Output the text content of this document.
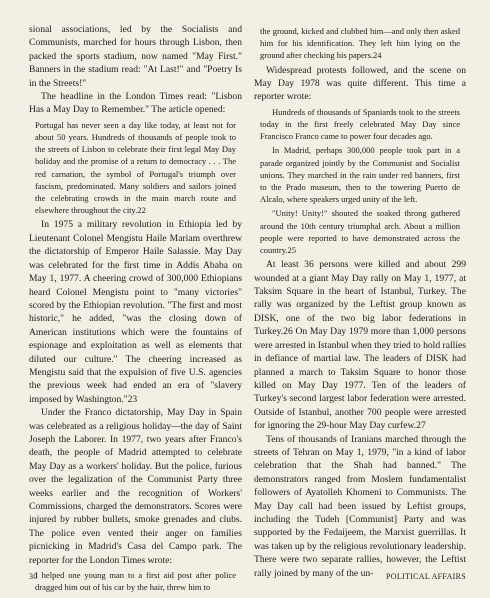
sional associations, led by the Socialists and Communists, marched for hours through Lisbon, then packed the sports stadium, now named "May First." Banners in the stadium read: "At Last!" and "Poetry Is in the Streets!"

The headline in the London Times read: "Lisbon Has a May Day to Remember." The article opened:

Portugal has never seen a day like today, at least not for about 50 years. Hundreds of thousands of people took to the streets of Lisbon to celebrate their first legal May Day holiday and the promise of a return to democracy . . . The red carnation, the symbol of Portugal's triumph over fascism, predominated. Many soldiers and sailors joined the celebrating crowds in the main march route and elsewhere throughout the city.22

In 1975 a military revolution in Ethiopia led by Lieutenant Colonel Mengistu Haile Mariam overthrew the dictatorship of Emperor Haile Salassie. May Day was celebrated for the first time in Addis Ababa on May 1, 1977. A cheering crowd of 300,000 Ethiopians heard Colonel Mengistu point to "many victories" scored by the Ethiopian revolution. "The first and most historic," he added, "was the closing down of American institutions which were the fountains of espionage and exploitation as well as elements that diluted our culture." The cheering increased as Mengistu said that the expulsion of five U.S. agencies the previous week had ended an era of "slavery imposed by Washington."23

Under the Franco dictatorship, May Day in Spain was celebrated as a religious holiday—the day of Saint Joseph the Laborer. In 1977, two years after Franco's death, the people of Madrid attempted to celebrate May Day as a workers' holiday. But the police, furious over the legalization of the Communist Party three weeks earlier and the recognition of Workers' Commissions, charged the demonstrators. Scores were injured by rubber bullets, smoke grenades and clubs. The police even vented their anger on families picnicking in Madrid's Casa del Campo park. The reporter for the London Times wrote:

I helped one young man to a first aid post after police dragged him out of his car by the hair, threw him to

the ground, kicked and clubbed him—and only then asked him for his identification. They left him lying on the ground after checking his papers.24

Widespread protests followed, and the scene on May Day 1978 was quite different. This time a reporter wrote:

Hundreds of thousands of Spaniards took to the streets today in the first freely celebrated May Day since Francisco Franco came to power four decades ago.

In Madrid, perhaps 300,000 people took part in a parade organized jointly by the Communist and Socialist unions. They marched in the rain under red banners, first to the Prado museum, then to the towering Puerto de Alcalo, where speakers urged unity of the left.

"Unity! Unity!" shouted the soaked throng gathered around the 10th century triumphal arch. About a million people were reported to have demonstrated across the country.25

At least 36 persons were killed and about 299 wounded at a giant May Day rally on May 1, 1977, at Taksim Square in the heart of Istanbul, Turkey. The rally was organized by the Leftist group known as DISK, one of the two big labor federations in Turkey.26 On May Day 1979 more than 1,000 persons were arrested in Istanbul when they tried to hold rallies in defiance of martial law. The leaders of DISK had planned a march to Taksim Square to honor those killed on May Day 1977. Ten of the leaders of Turkey's second largest labor federation were arrested. Outside of Istanbul, another 700 people were arrested for ignoring the 29-hour May Day curfew.27

Tens of thousands of Iranians marched through the streets of Tehran on May 1, 1979, "in a kind of labor celebration that the Shah had banned." The demonstrators ranged from Moslem fundamentalist followers of Ayatolleh Khomeni to Communists. The May Day call had been issued by Leftist groups, including the Tudeh [Communist] Party and was supported by the Fedaijeem, the Marxist guerrillas. It was taken up by the religious revolutionary leadership. There were two separate rallies, however, the Leftist rally joined by many of the un-

30	POLITICAL AFFAIRS
